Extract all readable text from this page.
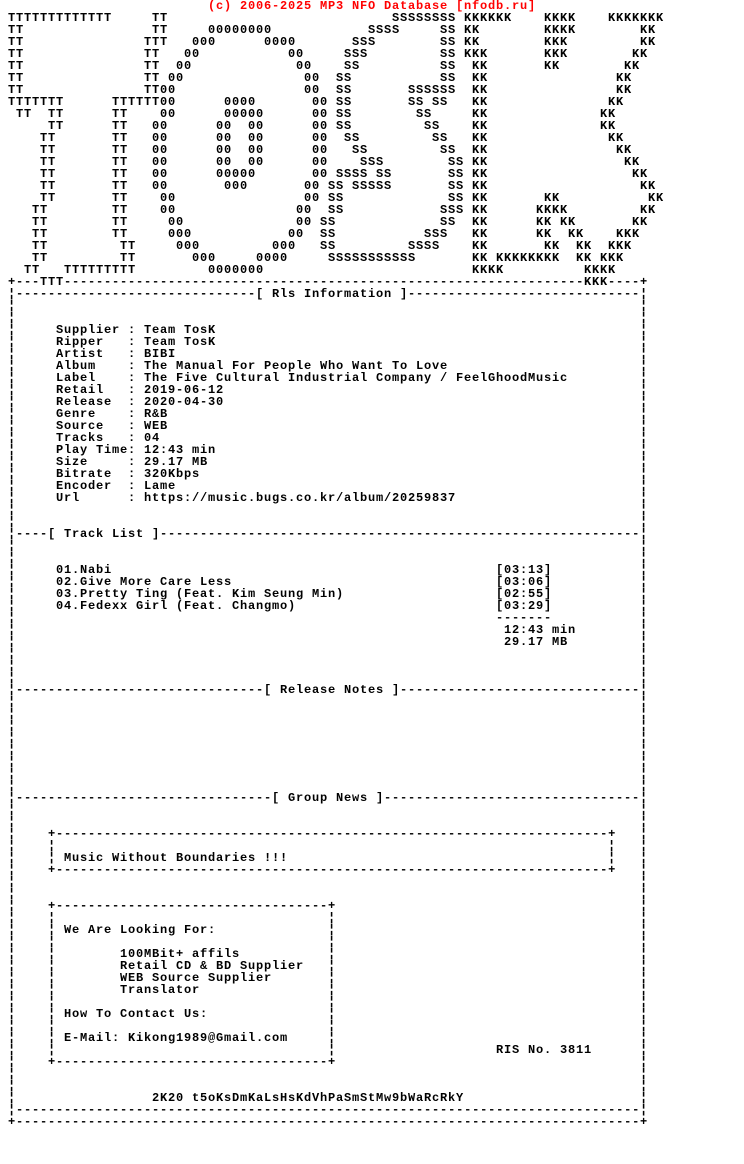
(c) 2006-2025 MP3 NFO Database [nfodb.ru]
TTTTTTTTTTTTT	TT	SSSSSSSS KKKKKK	KKKK	KKKKKKK
TT	TT	00000000	SSSS	SS KK	KKKK	KK
TT	TTT 000	0000	SSS	SS KK	KKK	KK
TT	TT 00	00	SSS	SS KKK	KKK	KK
TT	TT 00	00	SS	SS KK	KK	KK
TT	TT 00	00 SS	SS KK	KK
TT	TT00	00 SS	SSSSSS KK	KK
TTTTTTT	TTTTTT00	0000	00 SS	SS SS KK	KK
TT TT	TT	00	00000	00 SS	SS	KK	KK
TT	TT 00	00 00	00 SS	SS	KK	KK
TT	TT 00	00 00	00 SS	SS KK	KK
TT	TT 00	00 00	00 SS	SS KK	KK
TT	TT 00	00 00	00	SSS	SS KK	KK
TT	TT 00	00000	00 SSSS SS	SS KK	KK
TT	TT 00	000	00 SS SSSSS	SS KK	KK
TT	TT	00	00 SS	SS KK	KK	KK
TT	TT	00	00 SS	SSS KK	KKKK	KK
TT	TT	00	00 SS	SS KK	KK KK	KK
TT	TT	000	00 SS	SSS KK	KK KK	KKK
TT	TT	000	000 SS	SSSS	KK	KK KK KKK
TT	TT	000	0000	SSSSSSSSSSS	KK KKKKKKKK KK KKK
TT TTTTTTTTT	0000000	KKKK	KKKK
+--- TTT ----------------------------------------------------------------- KKK ----+
¦	¦
¦	¦
¦	¦
¦	¦
¦	¦
¦	¦
¦	¦
¦	¦
¦	¦
¦	¦
¦	¦
¦	¦
¦	¦
¦	¦
¦	¦
¦	¦
¦	¦
¦	¦
¦	¦
¦	¦
¦	¦
¦	¦
¦	¦
¦	¦
¦	¦
¦	¦
¦	¦
¦	¦
¦	¦
¦	¦
¦	¦
¦	¦
¦	¦
¦	¦
¦	¦
¦	¦
¦	¦
¦	¦
¦	¦
¦	¦
¦	¦
¦	¦
¦	¦
¦	¦
¦	¦
¦	¦
¦	¦
¦	¦
¦	¦
¦	¦
¦	¦
¦	¦
¦	¦
¦	¦
¦	¦
¦	¦
¦	¦
¦	¦
¦	¦
¦	¦
¦	¦
¦	¦
¦	¦
¦	¦
¦	¦
¦	¦
¦	¦
¦	¦
¦	¦
------------------------------ [ Rls Information ] -----------------------------
Supplier : Team TosK
Ripper : Team TosK
Artist : BIBI
Album	: The Manual For People Who Want To Love
Label	: The Five Cultural Industrial Company / FeelGhoodMusic
Retail : 2019-06-12
Release : 2020-04-30
Genre	: R&B
Source : WEB
Tracks : 04
Play Time : 12:43 min
Size	: 29.17 MB
Bitrate : 320Kbps
Encoder : Lame
Url	: https://music.bugs.co.kr/album/20259837
---- [ Track List ] ------------------------------------------------------------
01.Nabi	[03:13]
02.Give More Care Less	[03:06]
03.Pretty Ting (Feat. Kim Seung Min)	[02:55]
04.Fedexx Girl (Feat. Changmo)	[03:29]
-------
12:43 min
29.17 MB
------------------------------- [ Release Notes ] ------------------------------
-------------------------------- [ Group News ] --------------------------------
+---------------------------------------------------------------------+
+---------------------------------------------------------------------+
¦	¦
¦	¦
Music Without Boundaries !!!
+----------------------------------+
+----------------------------------+
¦	¦
¦	¦
¦	¦
¦	¦
¦	¦
¦	¦
¦	¦
¦	¦
¦	¦
¦	¦
¦	¦
¦	¦
We Are Looking For:
100MBit+ affils
Retail CD & BD Supplier
WEB Source Supplier
Translator
How To Contact Us:
E-Mail: Kikong1989@Gmail.com
RIS No. 3811
2K20 t5oKsDmKaLsHsKdVhPaSmStMw9bWaRcRkY
------------------------------------------------------------------------------
+ ------------------------------------------------------------------------------ +
